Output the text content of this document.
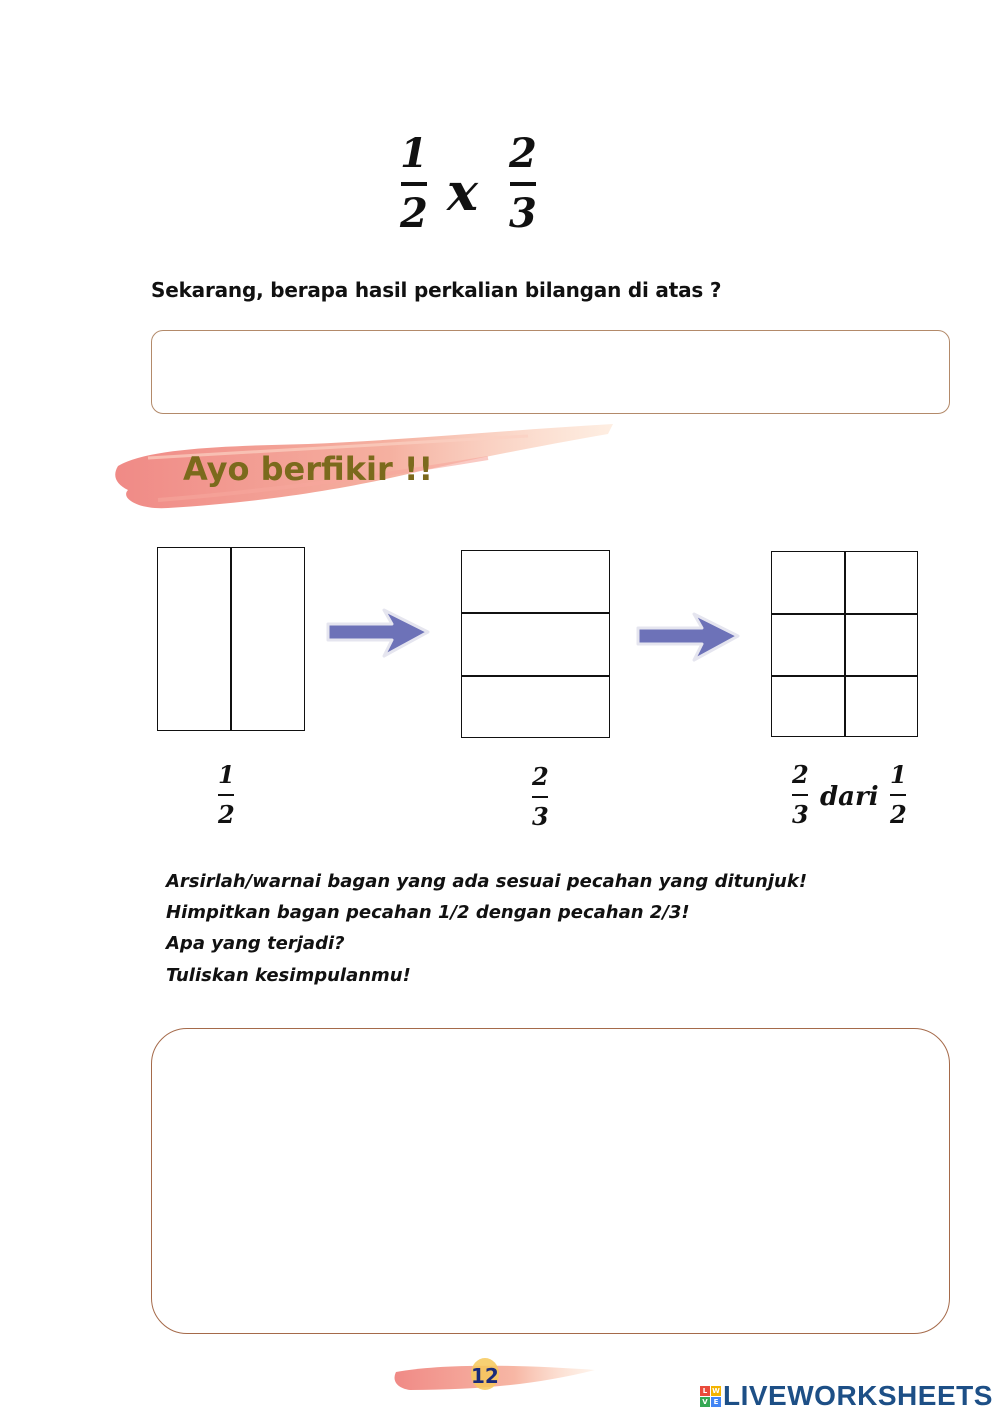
1
2 x
2
3
Sekarang, berapa hasil perkalian bilangan di atas ?
Ayo berfikir !!
1
2
2
3
2
3
dari
1
2
Arsirlah/warnai bagan yang ada sesuai pecahan yang ditunjuk!
Himpitkan bagan pecahan 1/2 dengan pecahan 2/3!
Apa yang terjadi?
Tuliskan kesimpulanmu!
12
L W
V E LIVEWORKSHEETS
